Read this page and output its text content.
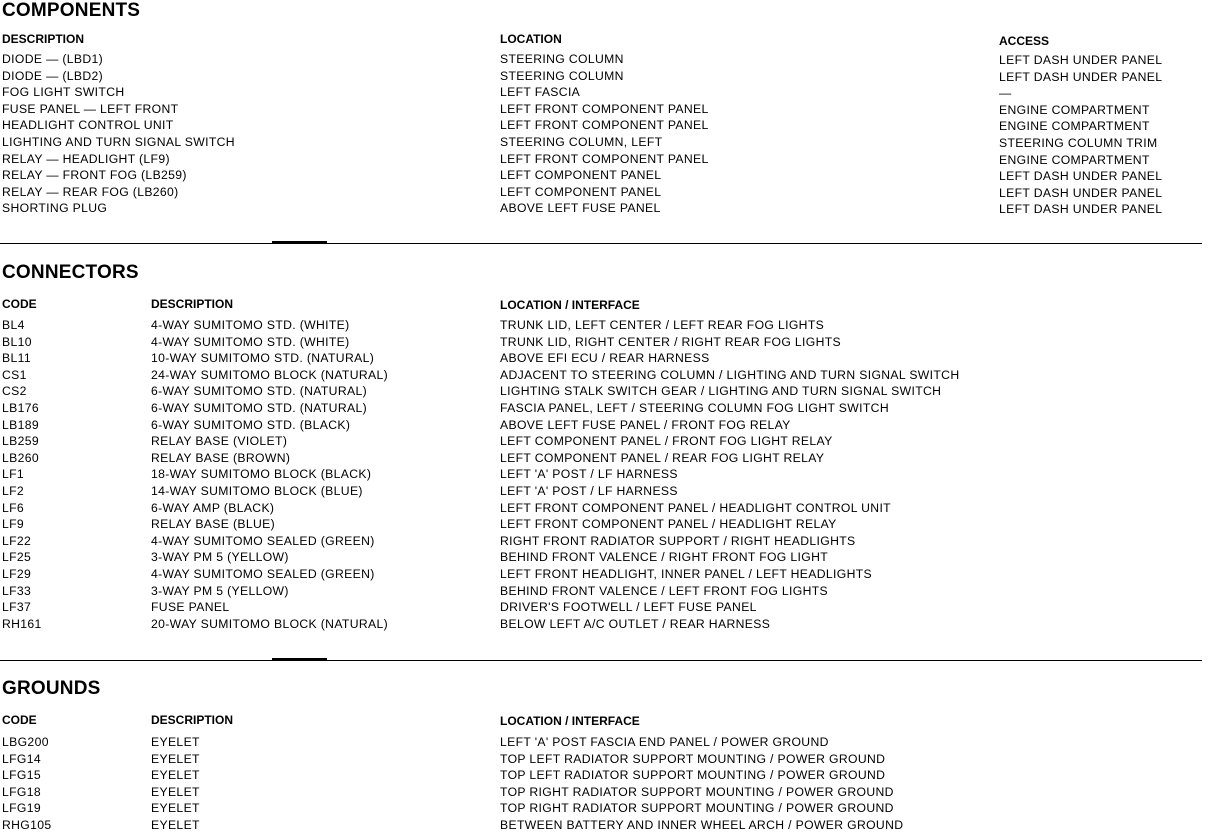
COMPONENTS
DESCRIPTION	LOCATION	ACCESS
DIODE — (LBD1)	STEERING COLUMN	LEFT DASH UNDER PANEL
DIODE — (LBD2)	STEERING COLUMN	LEFT DASH UNDER PANEL
FOG LIGHT SWITCH	LEFT FASCIA	—
FUSE PANEL — LEFT FRONT	LEFT FRONT COMPONENT PANEL	ENGINE COMPARTMENT
HEADLIGHT CONTROL UNIT	LEFT FRONT COMPONENT PANEL	ENGINE COMPARTMENT
LIGHTING AND TURN SIGNAL SWITCH	STEERING COLUMN, LEFT	STEERING COLUMN TRIM
RELAY — HEADLIGHT (LF9)	LEFT FRONT COMPONENT PANEL	ENGINE COMPARTMENT
RELAY — FRONT FOG (LB259)	LEFT COMPONENT PANEL	LEFT DASH UNDER PANEL
RELAY — REAR FOG (LB260)	LEFT COMPONENT PANEL	LEFT DASH UNDER PANEL
SHORTING PLUG	ABOVE LEFT FUSE PANEL	LEFT DASH UNDER PANEL
CONNECTORS
CODE	DESCRIPTION	LOCATION / INTERFACE
BL4	4-WAY SUMITOMO STD. (WHITE)	TRUNK LID, LEFT CENTER / LEFT REAR FOG LIGHTS
BL10	4-WAY SUMITOMO STD. (WHITE)	TRUNK LID, RIGHT CENTER / RIGHT REAR FOG LIGHTS
BL11	10-WAY SUMITOMO STD. (NATURAL)	ABOVE EFI ECU / REAR HARNESS
CS1	24-WAY SUMITOMO BLOCK (NATURAL)	ADJACENT TO STEERING COLUMN / LIGHTING AND TURN SIGNAL SWITCH
CS2	6-WAY SUMITOMO STD. (NATURAL)	LIGHTING STALK SWITCH GEAR / LIGHTING AND TURN SIGNAL SWITCH
LB176	6-WAY SUMITOMO STD. (NATURAL)	FASCIA PANEL, LEFT / STEERING COLUMN FOG LIGHT SWITCH
LB189	6-WAY SUMITOMO STD. (BLACK)	ABOVE LEFT FUSE PANEL / FRONT FOG RELAY
LB259	RELAY BASE (VIOLET)	LEFT COMPONENT PANEL / FRONT FOG LIGHT RELAY
LB260	RELAY BASE (BROWN)	LEFT COMPONENT PANEL / REAR FOG LIGHT RELAY
LF1	18-WAY SUMITOMO BLOCK (BLACK)	LEFT 'A' POST / LF HARNESS
LF2	14-WAY SUMITOMO BLOCK (BLUE)	LEFT 'A' POST / LF HARNESS
LF6	6-WAY AMP (BLACK)	LEFT FRONT COMPONENT PANEL / HEADLIGHT CONTROL UNIT
LF9	RELAY BASE (BLUE)	LEFT FRONT COMPONENT PANEL / HEADLIGHT RELAY
LF22	4-WAY SUMITOMO SEALED (GREEN)	RIGHT FRONT RADIATOR SUPPORT / RIGHT HEADLIGHTS
LF25	3-WAY PM 5 (YELLOW)	BEHIND FRONT VALENCE / RIGHT FRONT FOG LIGHT
LF29	4-WAY SUMITOMO SEALED (GREEN)	LEFT FRONT HEADLIGHT, INNER PANEL / LEFT HEADLIGHTS
LF33	3-WAY PM 5 (YELLOW)	BEHIND FRONT VALENCE / LEFT FRONT FOG LIGHTS
LF37	FUSE PANEL	DRIVER'S FOOTWELL / LEFT FUSE PANEL
RH161	20-WAY SUMITOMO BLOCK (NATURAL)	BELOW LEFT A/C OUTLET / REAR HARNESS
GROUNDS
CODE	DESCRIPTION	LOCATION / INTERFACE
LBG200	EYELET	LEFT 'A' POST FASCIA END PANEL / POWER GROUND
LFG14	EYELET	TOP LEFT RADIATOR SUPPORT MOUNTING / POWER GROUND
LFG15	EYELET	TOP LEFT RADIATOR SUPPORT MOUNTING / POWER GROUND
LFG18	EYELET	TOP RIGHT RADIATOR SUPPORT MOUNTING / POWER GROUND
LFG19	EYELET	TOP RIGHT RADIATOR SUPPORT MOUNTING / POWER GROUND
RHG105	EYELET	BETWEEN BATTERY AND INNER WHEEL ARCH / POWER GROUND
